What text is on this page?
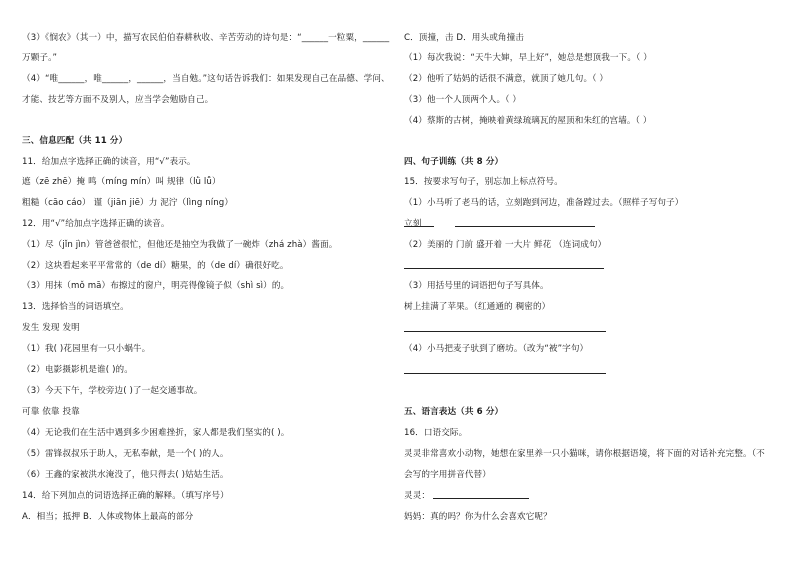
（3）《悯农》（其一）中，描写农民伯伯春耕秋收、辛苦劳动的诗句是：“______一粒粟，______
万颗子。”
（4）“唯______，唯______，______，当自勉。”这句话告诉我们：如果发现自己在品德、学问、
才能、技艺等方面不及别人，应当学会勉励自己。
三、信息匹配（共 11 分）
11．给加点字选择正确的读音，用“√”表示。
遮（zē zhē）掩 鸣（míng mín）叫 规律（lǜ lǚ）
粗糙（cāo cáo） 谨（jiān jiē）力 泥泞（lìng níng）
12．用“√”给加点字选择正确的读音。
（1）尽（jǐn jìn）管爸爸很忙，但他还是抽空为我做了一碗炸（zhá zhà）酱面。
（2）这块看起来平平常常的（de dí）糖果，的（de dí）确很好吃。
（3）用抹（mǒ mā）布擦过的窗户，明亮得像镜子似（shì sì）的。
13．选择恰当的词语填空。
发生 发现 发明
（1）我( )花园里有一只小蜗牛。
（2）电影摄影机是谁( )的。
（3）今天下午，学校旁边( )了一起交通事故。
可靠 依靠 投靠
（4）无论我们在生活中遇到多少困难挫折，家人都是我们坚实的( )。
（5）雷锋叔叔乐于助人，无私奉献，是一个( )的人。
（6）王鑫的家被洪水淹没了，他只得去( )姑姑生活。
14．给下列加点的词语选择正确的解释。（填写序号）
A．相当；抵押 B．人体或物体上最高的部分
C．顶撞，击 D．用头或角撞击
（1）每次我说：“天牛大婶，早上好”，她总是想顶我一下。（ ）
（2）他听了姑妈的话很不满意，就顶了她几句。（ ）
（3）他一个人顶两个人。（ ）
（4）蔡斯的古树，掩映着黄绿琉璃瓦的屋顶和朱红的宫墙。（ ）
四、句子训练（共 8 分）
15．按要求写句子，别忘加上标点符号。
（1）小马听了老马的话，立刻跑到河边，准备蹚过去。（照样子写句子）
立刻
（2）美丽的 门前 盛开着 一大片 鲜花 （连词成句）
（3）用括号里的词语把句子写具体。
树上挂满了苹果。（红通通的 稠密的）
（4）小马把麦子驮到了磨坊。（改为“被”字句）
五、语言表达（共 6 分）
16．口语交际。
灵灵非常喜欢小动物，她想在家里养一只小猫咪，请你根据语境，将下面的对话补充完整。（不
会写的字用拼音代替）
灵灵：
妈妈：真的吗？你为什么会喜欢它呢？
